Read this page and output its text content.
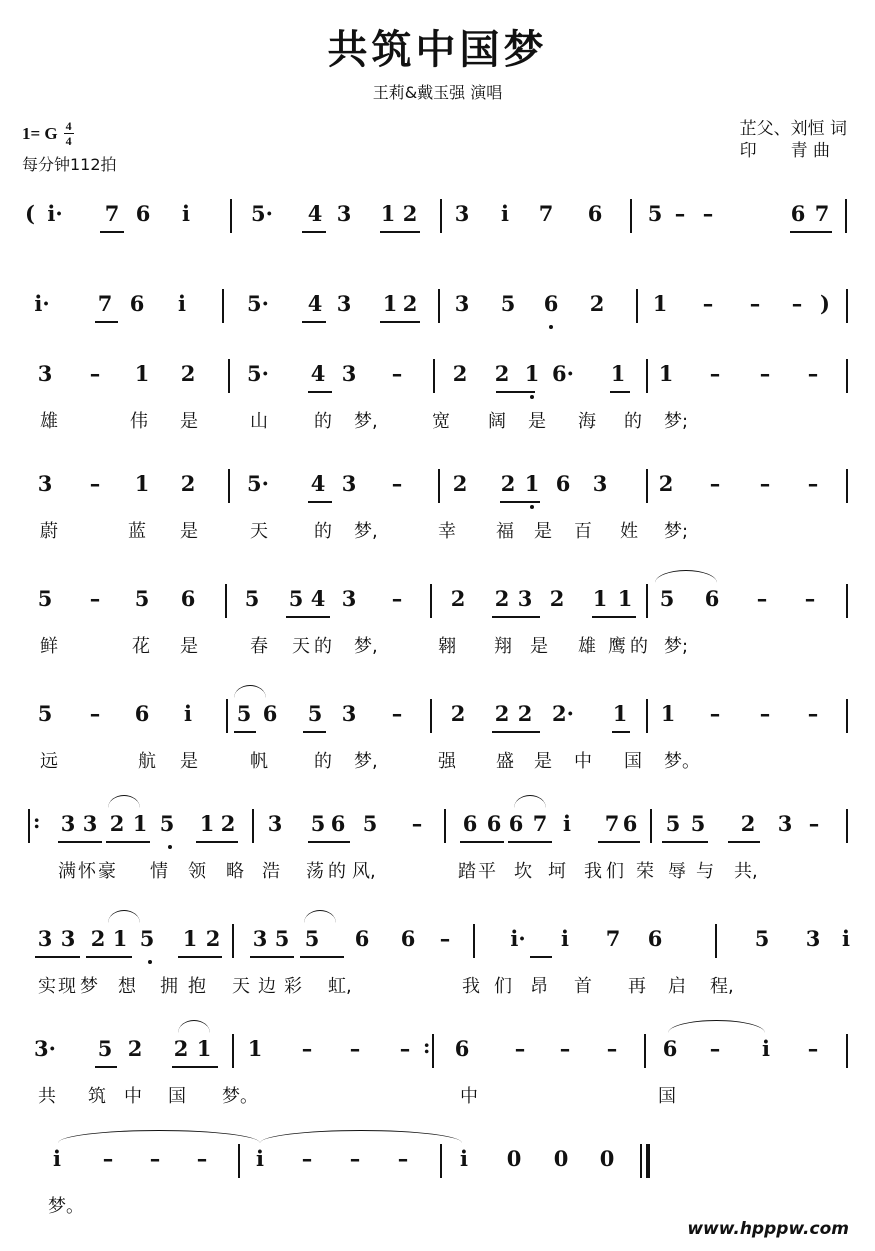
共筑中国梦
王莉&戴玉强 演唱
1= G $\frac{4}{4}$
每分钟112拍
芷父、刘恒 词
印　　青 曲
( i· 7 6	i	5· 4 3 1 2 3	i	7 6 5 – –	6 7
i· 7 6	i	5· 4 3 1 2 3 5 6 2 1 – – – )
3 – 1 2 5· 4 3 – 2 2 1 6· 1 1 – – –
雄	伟 是	山	的 梦,	宽 阔 是 海 的 梦;
3 – 1 2 5· 4 3 – 2 2 1 6 3 2 – – –
蔚	蓝 是	天	的 梦,	幸 福 是 百 姓 梦;
5 – 5 6 5 5 4 3 – 2 2 3 2 1 1 5 6 – –
鲜	花 是	春 天 的 梦,	翱 翔 是 雄 鹰 的 梦;
5 – 6	i	5 6 5 3 – 2 2 2 2· 1 1 – – –
远	航 是	帆	的 梦,	强 盛 是 中 国 梦。
: 3 3 2 1 5 1 2 3 5 6 5 – 6 6 6 7 i	7 6 5 5 2 3 –
满 怀 豪 情 领 略 浩 荡 的 风,	踏 平 坎 坷 我 们 荣 辱 与 共,
3 3 2 1 5 1 2 3 5 5 6 6 –	i·	i	7 6	5 3	i
实 现 梦 想 拥 抱 天 边 彩 虹,	我 们 昂 首 再 启 程,
3· 5 2 2 1 1 – – – : 6 – – – 6 –	i	–
共 筑 中 国 梦。	中	国
i	– – –	i	– – –	i	0 0 0
梦。
www.hpppw.com
